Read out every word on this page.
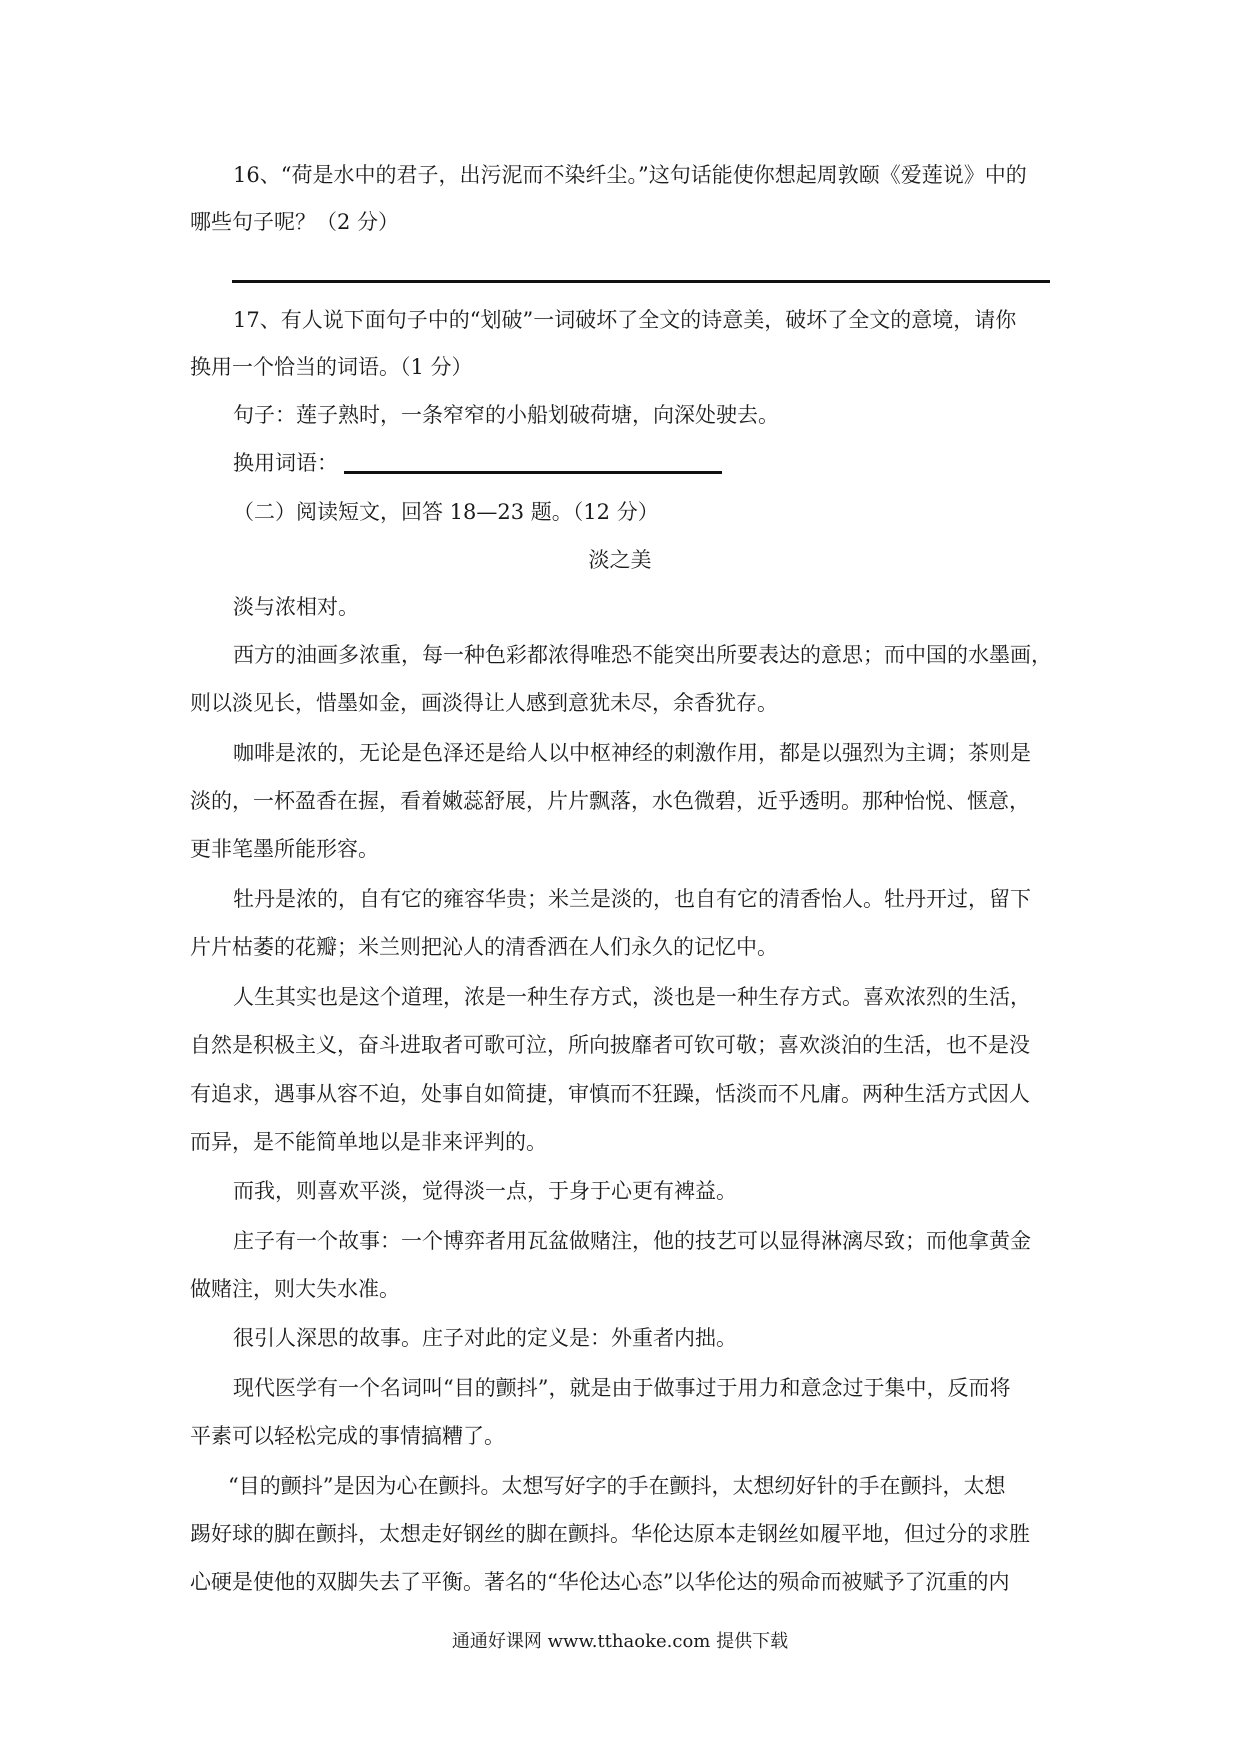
16、“荷是水中的君子，出污泥而不染纤尘。”这句话能使你想起周敦颐《爱莲说》中的
哪些句子呢？（2 分）
17、有人说下面句子中的“划破”一词破坏了全文的诗意美，破坏了全文的意境，请你
换用一个恰当的词语。（1 分）
句子：莲子熟时，一条窄窄的小船划破荷塘，向深处驶去。
换用词语：
（二）阅读短文，回答 18—23 题。（12 分）
淡之美
淡与浓相对。
西方的油画多浓重，每一种色彩都浓得唯恐不能突出所要表达的意思；而中国的水墨画，
则以淡见长，惜墨如金，画淡得让人感到意犹未尽，余香犹存。
咖啡是浓的，无论是色泽还是给人以中枢神经的刺激作用，都是以强烈为主调；茶则是
淡的，一杯盈香在握，看着嫩蕊舒展，片片飘落，水色微碧，近乎透明。那种怡悦、惬意，
更非笔墨所能形容。
牡丹是浓的，自有它的雍容华贵；米兰是淡的，也自有它的清香怡人。牡丹开过，留下
片片枯萎的花瓣；米兰则把沁人的清香洒在人们永久的记忆中。
人生其实也是这个道理，浓是一种生存方式，淡也是一种生存方式。喜欢浓烈的生活，
自然是积极主义，奋斗进取者可歌可泣，所向披靡者可钦可敬；喜欢淡泊的生活，也不是没
有追求，遇事从容不迫，处事自如简捷，审慎而不狂躁，恬淡而不凡庸。两种生活方式因人
而异，是不能简单地以是非来评判的。
而我，则喜欢平淡，觉得淡一点，于身于心更有裨益。
庄子有一个故事：一个博弈者用瓦盆做赌注，他的技艺可以显得淋漓尽致；而他拿黄金
做赌注，则大失水准。
很引人深思的故事。庄子对此的定义是：外重者内拙。
现代医学有一个名词叫“目的颤抖”，就是由于做事过于用力和意念过于集中，反而将
平素可以轻松完成的事情搞糟了。
“目的颤抖”是因为心在颤抖。太想写好字的手在颤抖，太想纫好针的手在颤抖，太想
踢好球的脚在颤抖，太想走好钢丝的脚在颤抖。华伦达原本走钢丝如履平地，但过分的求胜
心硬是使他的双脚失去了平衡。著名的“华伦达心态”以华伦达的殒命而被赋予了沉重的内
通通好课网 www.tthaoke.com 提供下载
